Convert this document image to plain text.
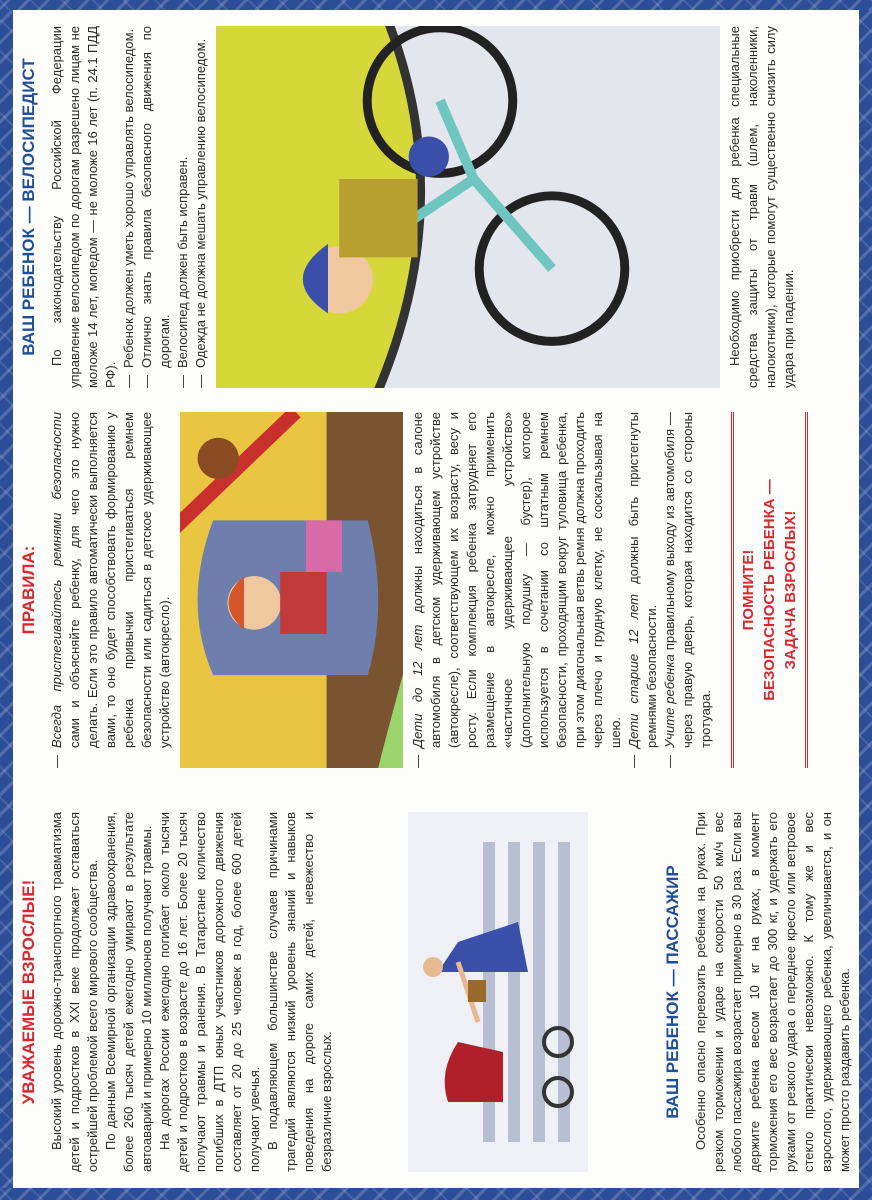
УВАЖАЕМЫЕ ВЗРОСЛЫЕ! Высокий уровень дорожно-транспортного травматизма детей и подростков в XXI веке продолжает оставаться острейшей проблемой всего мирового сообщества. По данным Всемирной организации здравоохранения, более 260 тысяч детей ежегодно умирают в результате автоаварий и примерно 10 миллионов получают травмы. На дорогах России ежегодно погибает около тысячи детей и подростков в возрасте до 16 лет. Более 20 тысяч получают травмы и ранения. В Татарстане количество погибших в ДТП юных участников дорожного движения составляет от 20 до 25 человек в год, более 600 детей получают увечья. В подавляющем большинстве случаев причинами трагедий являются низкий уровень знаний и навыков поведения на дороге самих детей, невежество и безразличие взрослых.	ВАШ РЕБЕНОК — ПАССАЖИР Особенно опасно перевозить ребенка на руках. При резком торможении и ударе на скорости 50 км/ч вес любого пассажира возрастает примерно в 30 раз. Если вы держите ребенка весом 10 кг на руках, в момент торможения его вес возрастает до 300 кг, и удержать его руками от резкого удара о переднее кресло или ветровое стекло практически невозможно. К тому же и вес взрослого, удерживающего ребенка, увеличивается, и он может просто раздавить ребенка.

ПРАВИЛА: — Всегда пристегивайтесь ремнями безопасности сами и объясняйте ребенку, для чего это нужно делать. Если это правило автоматически выполняется вами, то оно будет способствовать формированию у ребенка привычки пристегиваться ремнем безопасности или садиться в детское удерживающее устройство (автокресло).	— Дети до 12 лет должны находиться в салоне автомобиля в детском удерживающем устройстве (автокресле), соответствующем их возрасту, весу и росту. Если комплекция ребенка затрудняет его размещение в автокресле, можно применить «частичное удерживающее устройство» (дополнительную подушку — бустер), которое используется в сочетании со штатным ремнем безопасности, проходящим вокруг туловища ребенка, при этом диагональная ветвь ремня должна проходить через плечо и грудную клетку, не соскальзывая на шею. — Дети старше 12 лет должны быть пристегнуты ремнями безопасности. — Учите ребенка правильному выходу из автомобиля — через правую дверь, которая находится со стороны тротуара.
ПОМНИТЕ! БЕЗОПАСНОСТЬ РЕБЕНКА — ЗАДАЧА ВЗРОСЛЫХ!
ВАШ РЕБЕНОК — ВЕЛОСИПЕДИСТ По законодательству Российской Федерации управление велосипедом по дорогам разрешено лицам не моложе 14 лет, мопедом — не моложе 16 лет (п. 24.1 ПДД РФ).

— Ребенок должен уметь хорошо управлять велосипедом. — Отлично знать правила безопасного движения по дорогам. — Велосипед должен быть исправен. — Одежда не должна мешать управлению велосипедом.	Необходимо приобрести для ребенка специальные средства защиты от травм (шлем, наколенники, налокотники), которые помогут существенно снизить силу удара при падении.
